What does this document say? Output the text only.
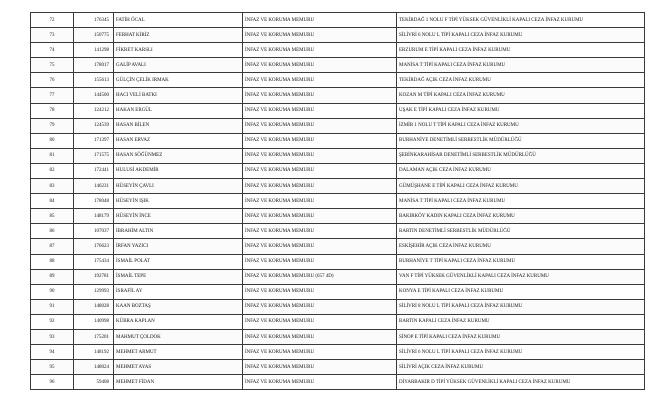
72	176345	FATİH ÖCAL	İNFAZ VE KORUMA MEMURU	TEKİRDAĞ 1 NOLU F TİPİ YÜKSEK GÜVENLİKLİ KAPALI CEZA İNFAZ KURUMU
73	150775	FERHAT KİRİZ	İNFAZ VE KORUMA MEMURU	SİLİVRİ 6 NOLU L TİPİ KAPALI CEZA İNFAZ KURUMU
74	141298	FİKRET KARSLI	İNFAZ VE KORUMA MEMURU	ERZURUM E TİPİ KAPALI CEZA İNFAZ KURUMU
75	178017	GALİP AVALI	İNFAZ VE KORUMA MEMURU	MANİSA T TİPİ KAPALI CEZA İNFAZ KURUMU
76	155613	GÜLÇİN ÇELİK IRMAK	İNFAZ VE KORUMA MEMURU	TEKİRDAĞ AÇIK CEZA İNFAZ KURUMU
77	144500	HACI VELİ BATKI	İNFAZ VE KORUMA MEMURU	KOZAN M TİPİ KAPALI CEZA İNFAZ KURUMU
78	124212	HAKAN ERGÜL	İNFAZ VE KORUMA MEMURU	UŞAK E TİPİ KAPALI CEZA İNFAZ KURUMU
79	124539	HASAN BİLEN	İNFAZ VE KORUMA MEMURU	İZMİR 1 NOLU T TİPİ KAPALI CEZA İNFAZ KURUMU
80	171397	HASAN ERVAZ	İNFAZ VE KORUMA MEMURU	BURHANİYE DENETİMLİ SERBESTLİK MÜDÜRLÜĞÜ
81	171575	HASAN SÖĞÜNMEZ	İNFAZ VE KORUMA MEMURU	ŞEBİNKARAHİSAR DENETİMLİ SERBESTLİK MÜDÜRLÜĞÜ
82	172441	HULUSİ AKDEMİR	İNFAZ VE KORUMA MEMURU	DALAMAN AÇIK CEZA İNFAZ KURUMU
83	146231	HÜSEYİN ÇAVLI	İNFAZ VE KORUMA MEMURU	GÜMÜŞHANE E TİPİ KAPALI CEZA İNFAZ KURUMU
84	178048	HÜSEYİN IŞIK	İNFAZ VE KORUMA MEMURU	MANİSA T TİPİ KAPALI CEZA İNFAZ KURUMU
85	148179	HÜSEYİN İNCE	İNFAZ VE KORUMA MEMURU	BAKIRKÖY KADIN KAPALI CEZA İNFAZ KURUMU
86	107037	İBRAHİM ALTIN	İNFAZ VE KORUMA MEMURU	BARTIN DENETİMLİ SERBESTLİK MÜDÜRLÜĞÜ
87	176623	İRFAN YAZICI	İNFAZ VE KORUMA MEMURU	ESKİŞEHİR AÇIK CEZA İNFAZ KURUMU
88	175434	İSMAİL POLAT	İNFAZ VE KORUMA MEMURU	BURHANİYE T TİPİ KAPALI CEZA İNFAZ KURUMU
89	192781	İSMAİL TEPE	İNFAZ VE KORUMA MEMURU (657 4D)	VAN F TİPİ YÜKSEK GÜVENLİKLİ KAPALI CEZA İNFAZ KURUMU
90	129993	İSRAFİL AY	İNFAZ VE KORUMA MEMURU	KONYA E TİPİ KAPALI CEZA İNFAZ KURUMU
91	148028	KAAN BOZTAŞ	İNFAZ VE KORUMA MEMURU	SİLİVRİ 8 NOLU L TİPİ KAPALI CEZA İNFAZ KURUMU
92	140998	KÜBRA KAPLAN	İNFAZ VE KORUMA MEMURU	BARTIN KAPALI CEZA İNFAZ KURUMU
93	175201	MAHMUT ÇOLDOK	İNFAZ VE KORUMA MEMURU	SİNOP E TİPİ KAPALI CEZA İNFAZ KURUMU
94	148192	MEHMET ARMUT	İNFAZ VE KORUMA MEMURU	SİLİVRİ 6 NOLU L TİPİ KAPALI CEZA İNFAZ KURUMU
95	148024	MEHMET AYAS	İNFAZ VE KORUMA MEMURU	SİLİVRİ AÇIK CEZA İNFAZ KURUMU
96	59408	MEHMET FİDAN	İNFAZ VE KORUMA MEMURU	DİYARBAKIR D TİPİ YÜKSEK GÜVENLİKLİ KAPALI CEZA İNFAZ KURUMU
